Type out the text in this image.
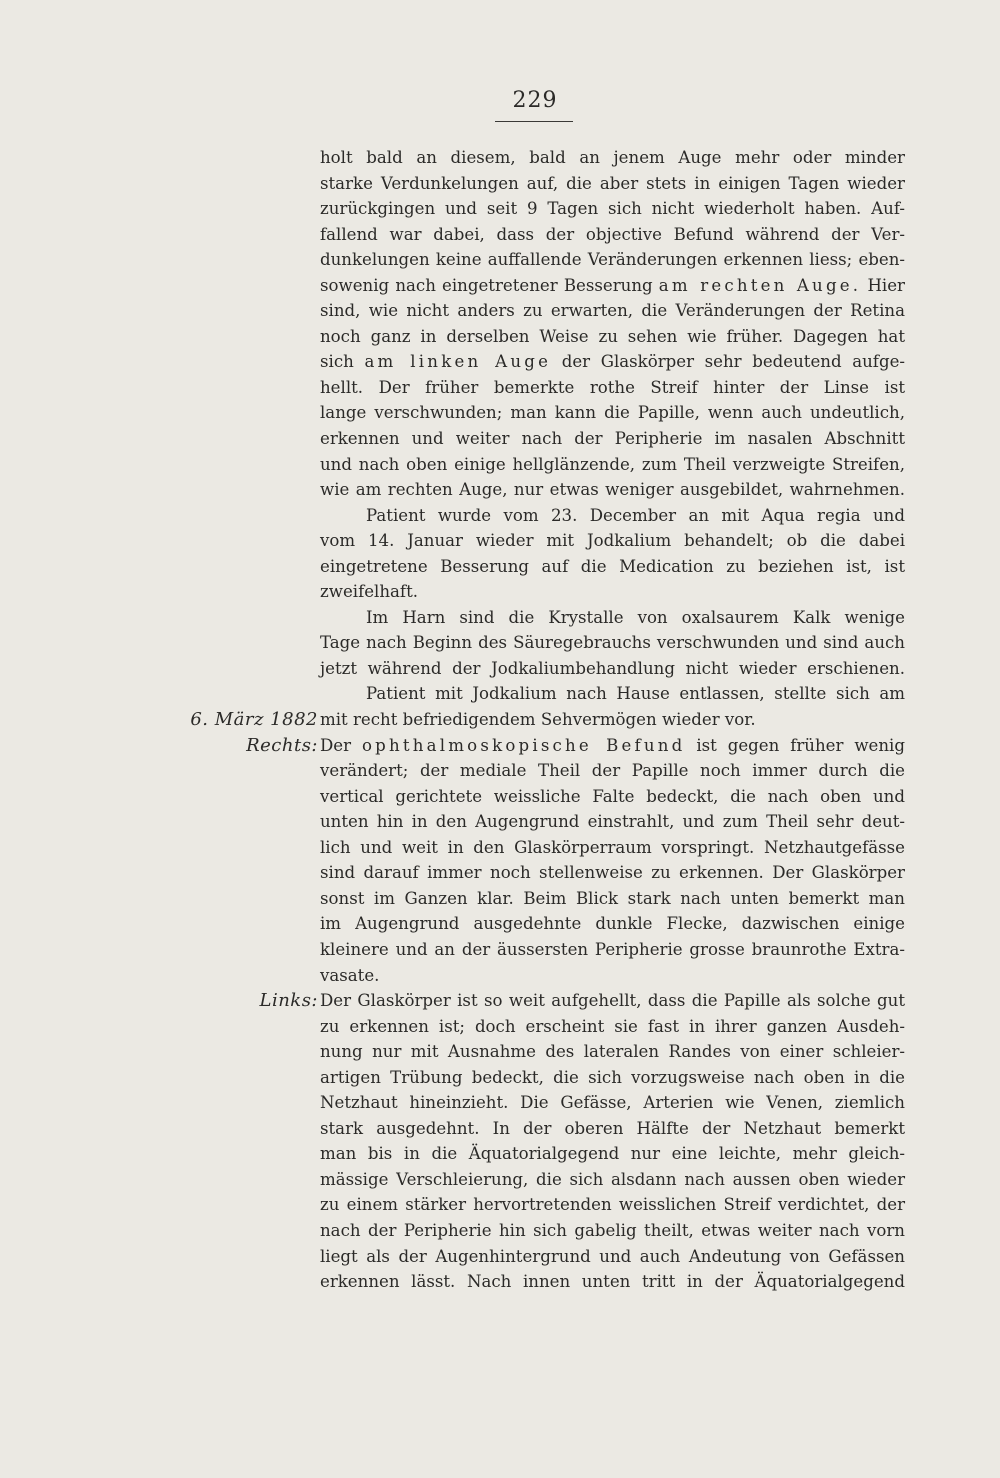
229
holt bald an diesem, bald an jenem Auge mehr oder minder
starke Verdunkelungen auf, die aber stets in einigen Tagen wieder
zurückgingen und seit 9 Tagen sich nicht wiederholt haben. Auf-
fallend war dabei, dass der objective Befund während der Ver-
dunkelungen keine auffallende Veränderungen erkennen liess; eben-
sowenig nach eingetretener Besserung am rechten Auge. Hier
sind, wie nicht anders zu erwarten, die Veränderungen der Retina
noch ganz in derselben Weise zu sehen wie früher. Dagegen hat
sich am linken Auge der Glaskörper sehr bedeutend aufge-
hellt. Der früher bemerkte rothe Streif hinter der Linse ist
lange verschwunden; man kann die Papille, wenn auch undeutlich,
erkennen und weiter nach der Peripherie im nasalen Abschnitt
und nach oben einige hellglänzende, zum Theil verzweigte Streifen,
wie am rechten Auge, nur etwas weniger ausgebildet, wahrnehmen.
Patient wurde vom 23. December an mit Aqua regia und
vom 14. Januar wieder mit Jodkalium behandelt; ob die dabei
eingetretene Besserung auf die Medication zu beziehen ist, ist
zweifelhaft.
Im Harn sind die Krystalle von oxalsaurem Kalk wenige
Tage nach Beginn des Säuregebrauchs verschwunden und sind auch
jetzt während der Jodkaliumbehandlung nicht wieder erschienen.
Patient mit Jodkalium nach Hause entlassen, stellte sich am
6. März 1882 mit recht befriedigendem Sehvermögen wieder vor.
Rechts: Der ophthalmoskopische Befund ist gegen früher wenig
verändert; der mediale Theil der Papille noch immer durch die
vertical gerichtete weissliche Falte bedeckt, die nach oben und
unten hin in den Augengrund einstrahlt, und zum Theil sehr deut-
lich und weit in den Glaskörperraum vorspringt. Netzhautgefässe
sind darauf immer noch stellenweise zu erkennen. Der Glaskörper
sonst im Ganzen klar. Beim Blick stark nach unten bemerkt man
im Augengrund ausgedehnte dunkle Flecke, dazwischen einige
kleinere und an der äussersten Peripherie grosse braunrothe Extra-
vasate.
Links: Der Glaskörper ist so weit aufgehellt, dass die Papille als solche gut
zu erkennen ist; doch erscheint sie fast in ihrer ganzen Ausdeh-
nung nur mit Ausnahme des lateralen Randes von einer schleier-
artigen Trübung bedeckt, die sich vorzugsweise nach oben in die
Netzhaut hineinzieht. Die Gefässe, Arterien wie Venen, ziemlich
stark ausgedehnt. In der oberen Hälfte der Netzhaut bemerkt
man bis in die Äquatorialgegend nur eine leichte, mehr gleich-
mässige Verschleierung, die sich alsdann nach aussen oben wieder
zu einem stärker hervortretenden weisslichen Streif verdichtet, der
nach der Peripherie hin sich gabelig theilt, etwas weiter nach vorn
liegt als der Augenhintergrund und auch Andeutung von Gefässen
erkennen lässt. Nach innen unten tritt in der Äquatorialgegend
